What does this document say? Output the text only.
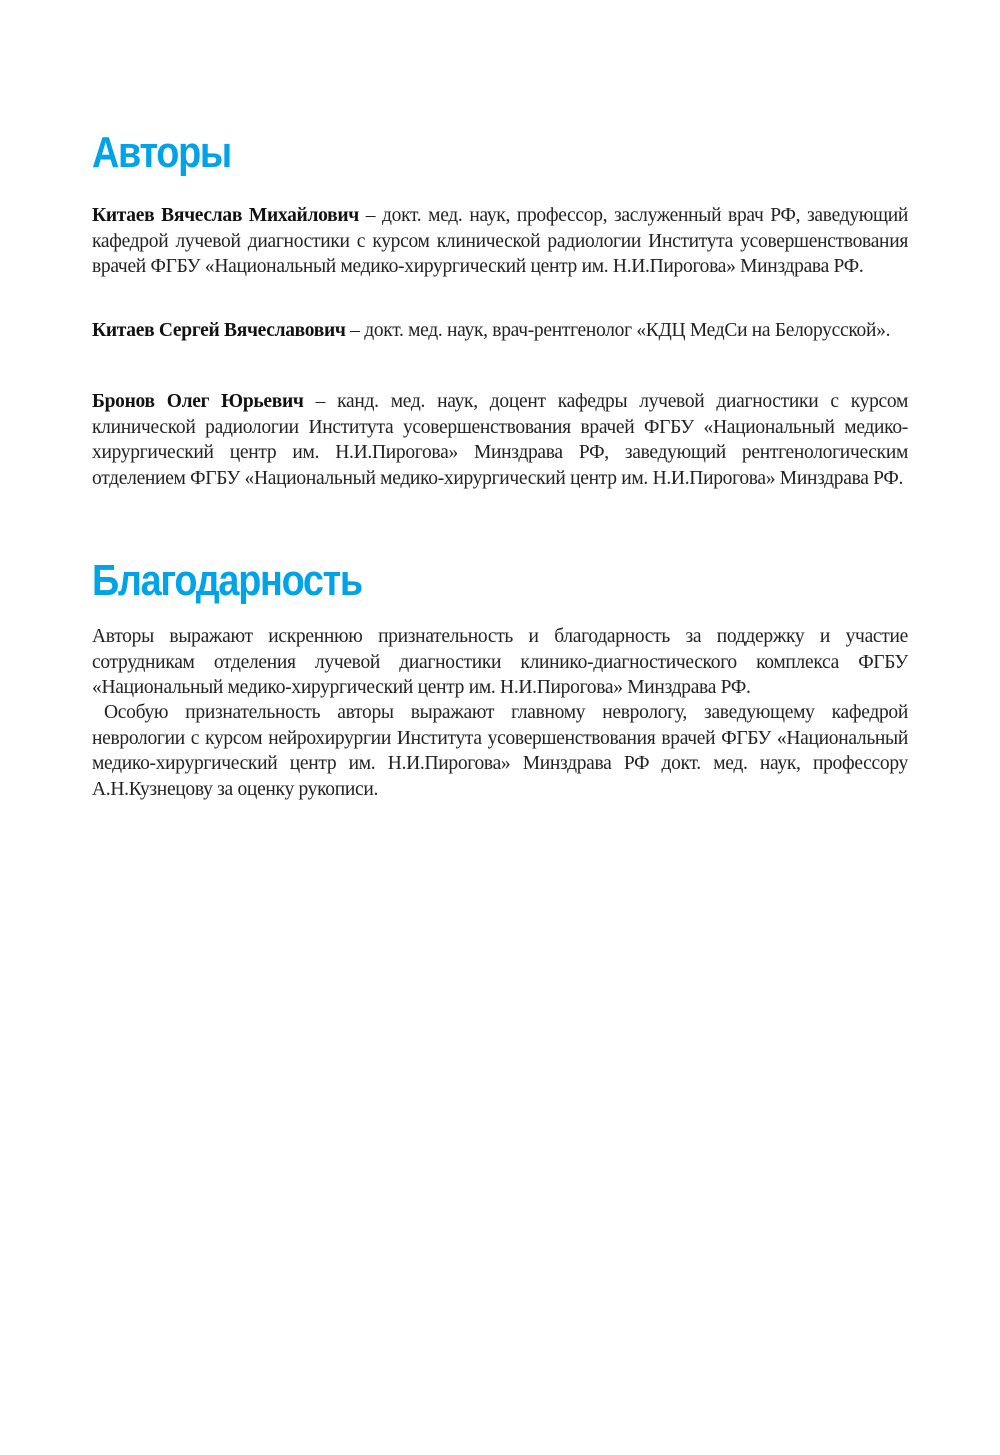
Авторы

Китаев Вячеслав Михайлович – докт. мед. наук, профессор, заслуженный врач РФ, заведующий кафедрой лучевой диагностики с курсом клинической радиологии Института усовершенствования врачей ФГБУ «Национальный медико-хирургический центр им. Н.И.Пирогова» Минздрава РФ.

Китаев Сергей Вячеславович – докт. мед. наук, врач-рентгенолог «КДЦ МедСи на Белорусской».

Бронов Олег Юрьевич – канд. мед. наук, доцент кафедры лучевой диагностики с курсом клинической радиологии Института усовершенствования врачей ФГБУ «Национальный медико-хирургический центр им. Н.И.Пирогова» Минздрава РФ, заведующий рентгенологическим отделением ФГБУ «Национальный медико-хирургический центр им. Н.И.Пирогова» Минздрава РФ.

Благодарность

Авторы выражают искреннюю признательность и благодарность за поддержку и участие сотрудникам отделения лучевой диагностики клинико-диагностического комплекса ФГБУ «Национальный медико-хирургический центр им. Н.И.Пирогова» Минздрава РФ.

Особую признательность авторы выражают главному неврологу, заведующему кафедрой неврологии с курсом нейрохирургии Института усовершенствования врачей ФГБУ «Национальный медико-хирургический центр им. Н.И.Пирогова» Минздрава РФ докт. мед. наук, профессору А.Н.Кузнецову за оценку рукописи.
